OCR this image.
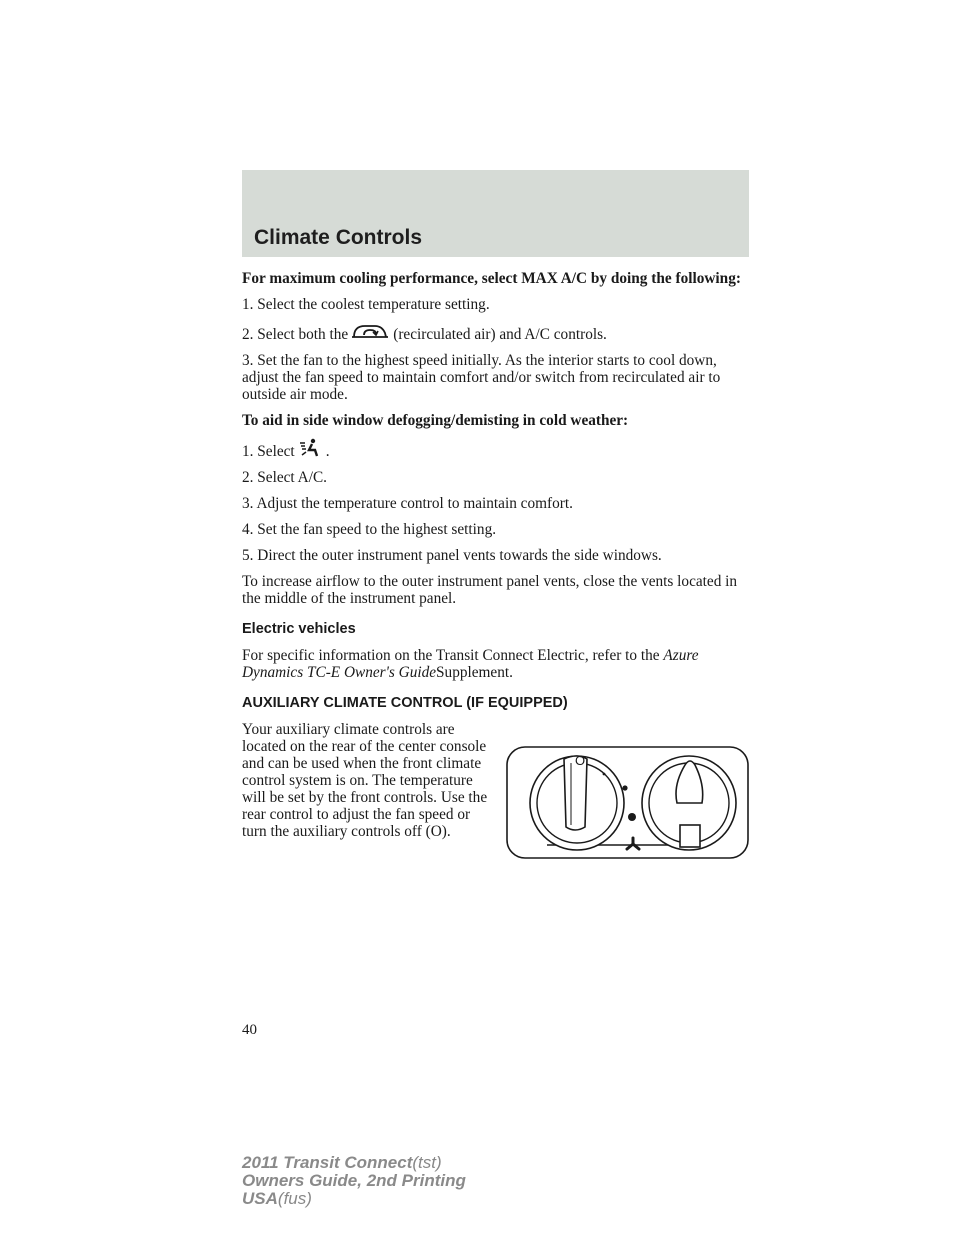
Climate Controls

For maximum cooling performance, select MAX A/C by doing the following:

1. Select the coolest temperature setting.

2. Select both the	(recirculated air) and A/C controls.

3. Set the fan to the highest speed initially. As the interior starts to cool down, adjust the fan speed to maintain comfort and/or switch from recirculated air to outside air mode.

To aid in side window defogging/demisting in cold weather:

1. Select .

2. Select A/C.

3. Adjust the temperature control to maintain comfort.

4. Set the fan speed to the highest setting.

5. Direct the outer instrument panel vents towards the side windows.

To increase airflow to the outer instrument panel vents, close the vents located in the middle of the instrument panel.

Electric vehicles

For specific information on the Transit Connect Electric, refer to the Azure Dynamics TC-E Owner's GuideSupplement.

AUXILIARY CLIMATE CONTROL (IF EQUIPPED)
Your auxiliary climate controls are located on the rear of the center console and can be used when the front climate control system is on. The temperature will be set by the front controls. Use the rear control to adjust the fan speed or turn the auxiliary controls off (O).
O
40
2011 Transit Connect(tst)
Owners Guide, 2nd Printing
USA(fus)
